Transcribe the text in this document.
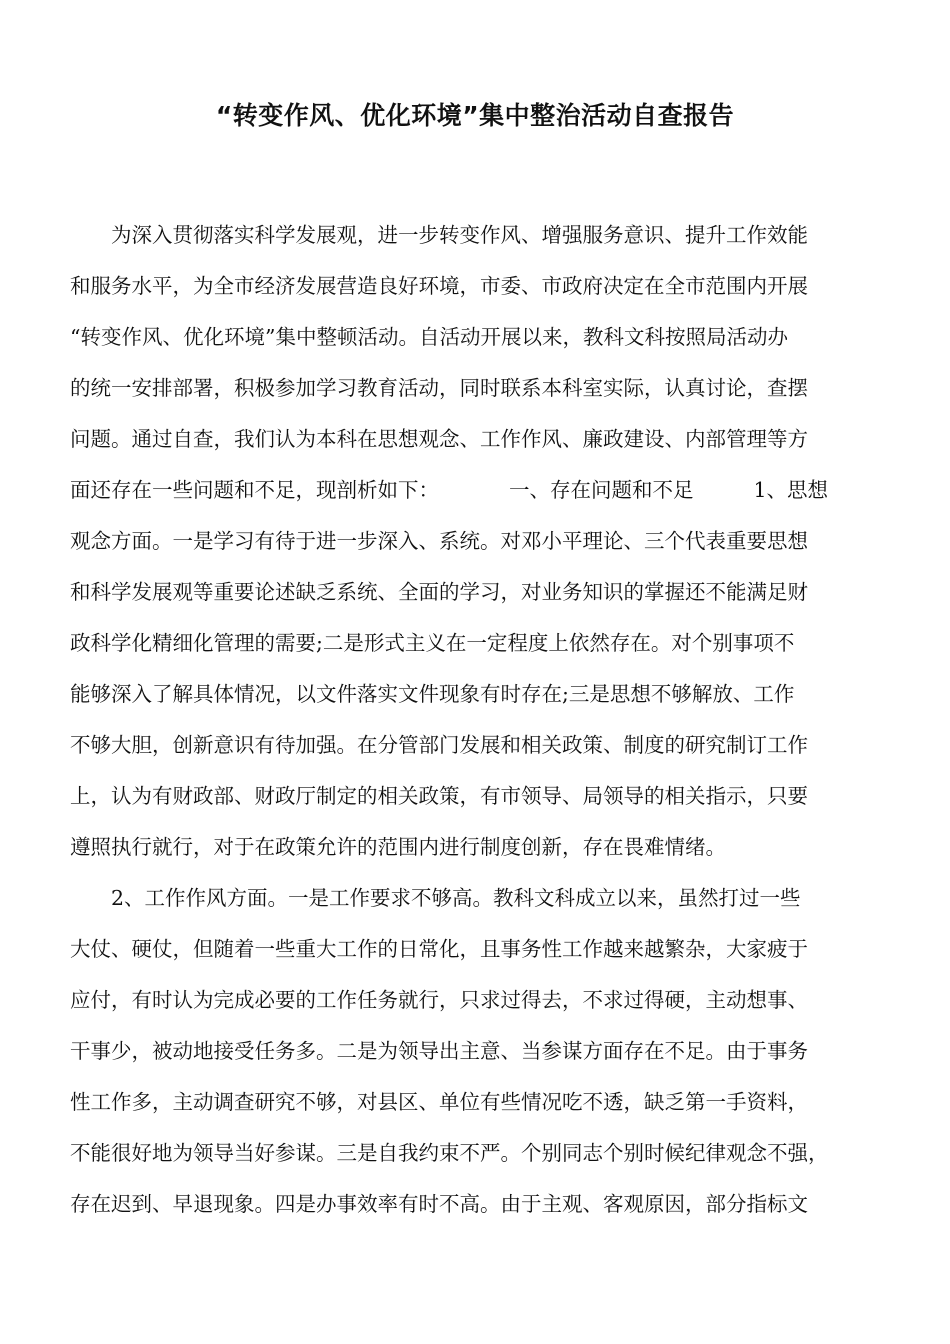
“转变作风、优化环境”集中整治活动自查报告
为深入贯彻落实科学发展观，进一步转变作风、增强服务意识、提升工作效能
和服务水平，为全市经济发展营造良好环境，市委、市政府决定在全市范围内开展
“转变作风、优化环境”集中整顿活动。自活动开展以来，教科文科按照局活动办
的统一安排部署，积极参加学习教育活动，同时联系本科室实际，认真讨论，查摆
问题。通过自查，我们认为本科在思想观念、工作作风、廉政建设、内部管理等方
面还存在一些问题和不足，现剖析如下：	一、存在问题和不足	1、思想
观念方面。一是学习有待于进一步深入、系统。对邓小平理论、三个代表重要思想
和科学发展观等重要论述缺乏系统、全面的学习，对业务知识的掌握还不能满足财
政科学化精细化管理的需要;二是形式主义在一定程度上依然存在。对个别事项不
能够深入了解具体情况，以文件落实文件现象有时存在;三是思想不够解放、工作
不够大胆，创新意识有待加强。在分管部门发展和相关政策、制度的研究制订工作
上，认为有财政部、财政厅制定的相关政策，有市领导、局领导的相关指示，只要
遵照执行就行，对于在政策允许的范围内进行制度创新，存在畏难情绪。
2、工作作风方面。一是工作要求不够高。教科文科成立以来，虽然打过一些
大仗、硬仗，但随着一些重大工作的日常化，且事务性工作越来越繁杂，大家疲于
应付，有时认为完成必要的工作任务就行，只求过得去，不求过得硬，主动想事、
干事少，被动地接受任务多。二是为领导出主意、当参谋方面存在不足。由于事务
性工作多，主动调查研究不够，对县区、单位有些情况吃不透，缺乏第一手资料，
不能很好地为领导当好参谋。三是自我约束不严。个别同志个别时候纪律观念不强，
存在迟到、早退现象。四是办事效率有时不高。由于主观、客观原因，部分指标文
